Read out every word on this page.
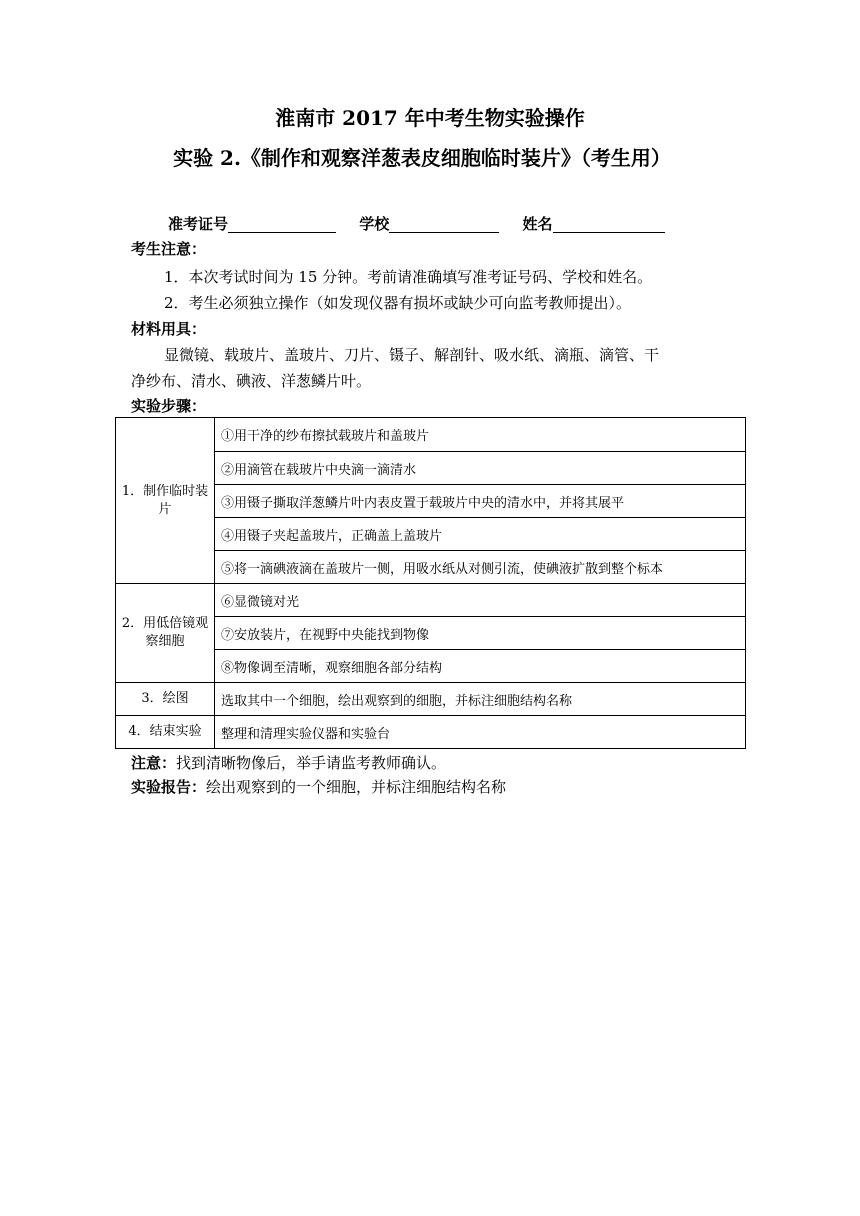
淮南市 2017 年中考生物实验操作
实验 2.《制作和观察洋葱表皮细胞临时装片》（考生用）
准考证号	学校	姓名
考生注意：
1．本次考试时间为 15 分钟。考前请准确填写准考证号码、学校和姓名。
2．考生必须独立操作（如发现仪器有损坏或缺少可向监考教师提出）。
材料用具：
显微镜、载玻片、盖玻片、刀片、镊子、解剖针、吸水纸、滴瓶、滴管、干
净纱布、清水、碘液、洋葱鳞片叶。
实验步骤：
1．制作临时装片	①用干净的纱布擦拭载玻片和盖玻片
	②用滴管在载玻片中央滴一滴清水
	③用镊子撕取洋葱鳞片叶内表皮置于载玻片中央的清水中，并将其展平
	④用镊子夹起盖玻片，正确盖上盖玻片
	⑤将一滴碘液滴在盖玻片一侧，用吸水纸从对侧引流，使碘液扩散到整个标本
2．用低倍镜观察细胞	⑥显微镜对光
	⑦安放装片，在视野中央能找到物像
	⑧物像调至清晰，观察细胞各部分结构
3．绘图	选取其中一个细胞，绘出观察到的细胞，并标注细胞结构名称
4．结束实验	整理和清理实验仪器和实验台
注意：找到清晰物像后，举手请监考教师确认。
实验报告：绘出观察到的一个细胞，并标注细胞结构名称
